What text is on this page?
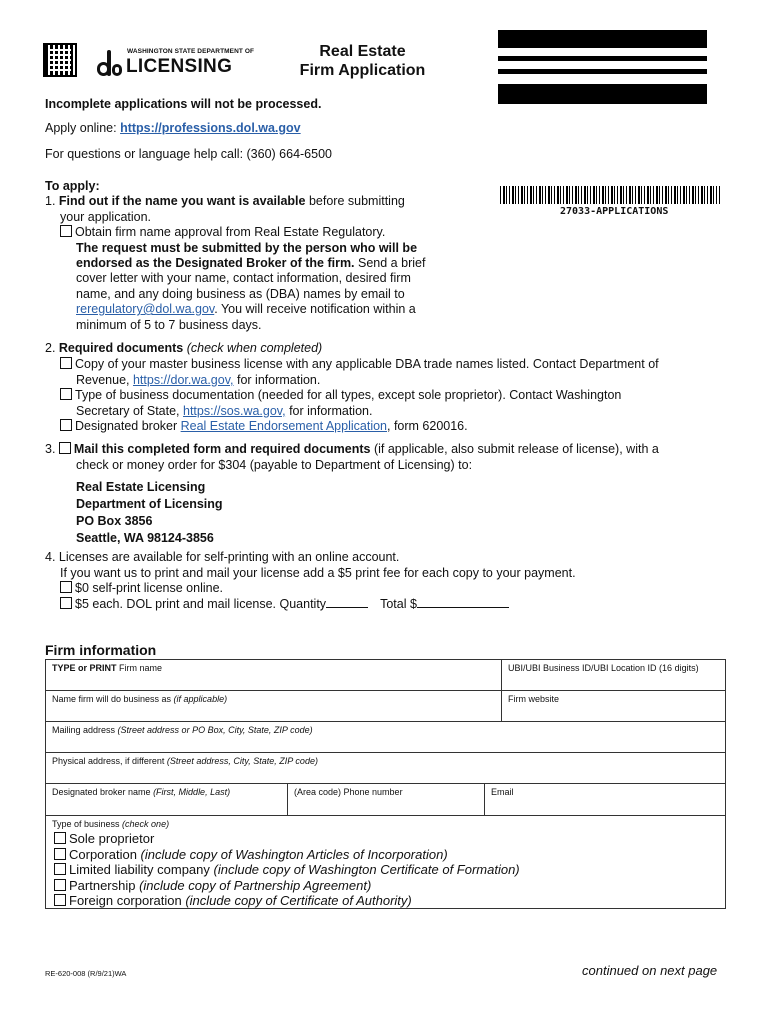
WASHINGTON STATE DEPARTMENT OF
LICENSING
Real Estate
Firm Application
27033-APPLICATIONS
Incomplete applications will not be processed.
Apply online: https://professions.dol.wa.gov
For questions or language help call: (360) 664-6500
To apply:
1. Find out if the name you want is available before submitting
your application.
Obtain firm name approval from Real Estate Regulatory.
The request must be submitted by the person who will be
endorsed as the Designated Broker of the firm. Send a brief
cover letter with your name, contact information, desired firm
name, and any doing business as (DBA) names by email to
reregulatory@dol.wa.gov. You will receive notification within a
minimum of 5 to 7 business days.
2. Required documents (check when completed)
Copy of your master business license with any applicable DBA trade names listed. Contact Department of
Revenue, https://dor.wa.gov, for information.
Type of business documentation (needed for all types, except sole proprietor). Contact Washington
Secretary of State, https://sos.wa.gov, for information.
Designated broker Real Estate Endorsement Application, form 620016.
3. Mail this completed form and required documents (if applicable, also submit release of license), with a
check or money order for $304 (payable to Department of Licensing) to:
Real Estate Licensing
Department of Licensing
PO Box 3856
Seattle, WA 98124-3856
4. Licenses are available for self-printing with an online account.
If you want us to print and mail your license add a $5 print fee for each copy to your payment.
$0 self-print license online.
$5 each. DOL print and mail license. Quantity	Total $
Firm information
TYPE or PRINT Firm name	UBI/UBI Business ID/UBI Location ID (16 digits)
Name firm will do business as (if applicable)	Firm website
Mailing address (Street address or PO Box, City, State, ZIP code)
Physical address, if different (Street address, City, State, ZIP code)
Designated broker name (First, Middle, Last)	(Area code) Phone number	Email
Type of business (check one)
Sole proprietor
Corporation (include copy of Washington Articles of Incorporation)
Limited liability company (include copy of Washington Certificate of Formation)
Partnership (include copy of Partnership Agreement)
Foreign corporation (include copy of Certificate of Authority)
RE-620-008 (R/9/21)WA	continued on next page
